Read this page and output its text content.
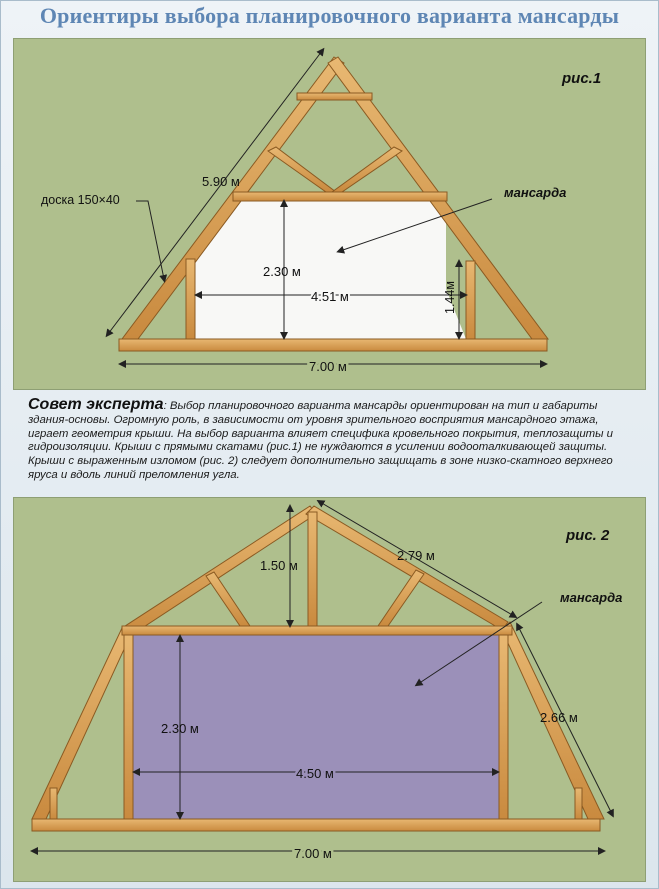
Ориентиры выбора планировочного варианта мансарды
5.90 м
доска 150×40
2.30 м
4.51 м	1.44м
7.00 м
мансарда
рис.1
Совет эксперта: Выбор планировочного варианта мансарды ориентирован на тип и габариты здания-основы. Огромную роль, в зависимости от уровня зрительного восприятия мансардного этажа, играет геометрия крыши. На выбор варианта влияет специфика кровельного покрытия, теплозащиты и гидроизоляции. Крыши с прямыми скатами (рис.1) не нуждаются в усилении водооталкивающей защиты. Крыши с выраженным изломом (рис. 2) следует дополнительно защищать в зоне низко-скатного верхнего яруса и вдоль линий преломления угла.
1.50 м
2.79 м
2.66 м
2.30 м
4.50 м
7.00 м
мансарда
рис. 2
